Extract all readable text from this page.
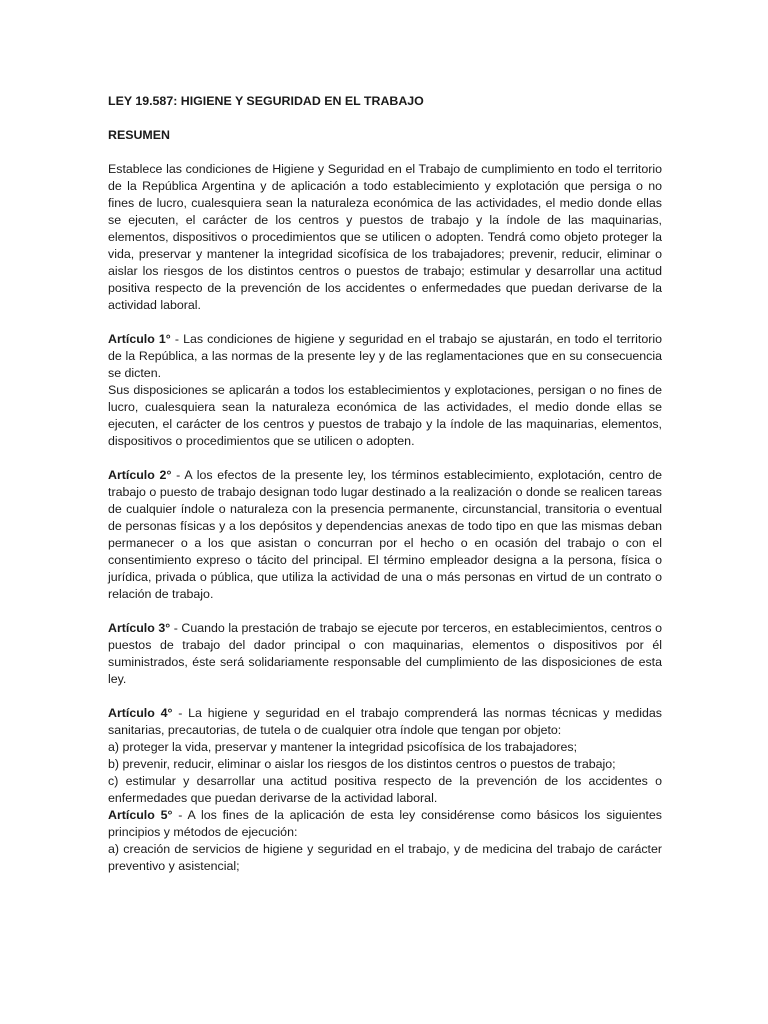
LEY 19.587: HIGIENE Y SEGURIDAD EN EL TRABAJO

RESUMEN

Establece las condiciones de Higiene y Seguridad en el Trabajo de cumplimiento en todo el territorio de la República Argentina y de aplicación a todo establecimiento y explotación que persiga o no fines de lucro, cualesquiera sean la naturaleza económica de las actividades, el medio donde ellas se ejecuten, el carácter de los centros y puestos de trabajo y la índole de las maquinarias, elementos, dispositivos o procedimientos que se utilicen o adopten. Tendrá como objeto proteger la vida, preservar y mantener la integridad sicofísica de los trabajadores; prevenir, reducir, eliminar o aislar los riesgos de los distintos centros o puestos de trabajo; estimular y desarrollar una actitud positiva respecto de la prevención de los accidentes o enfermedades que puedan derivarse de la actividad laboral.

Artículo 1° - Las condiciones de higiene y seguridad en el trabajo se ajustarán, en todo el territorio de la República, a las normas de la presente ley y de las reglamentaciones que en su consecuencia se dicten.

Sus disposiciones se aplicarán a todos los establecimientos y explotaciones, persigan o no fines de lucro, cualesquiera sean la naturaleza económica de las actividades, el medio donde ellas se ejecuten, el carácter de los centros y puestos de trabajo y la índole de las maquinarias, elementos, dispositivos o procedimientos que se utilicen o adopten.

Artículo 2° - A los efectos de la presente ley, los términos establecimiento, explotación, centro de trabajo o puesto de trabajo designan todo lugar destinado a la realización o donde se realicen tareas de cualquier índole o naturaleza con la presencia permanente, circunstancial, transitoria o eventual de personas físicas y a los depósitos y dependencias anexas de todo tipo en que las mismas deban permanecer o a los que asistan o concurran por el hecho o en ocasión del trabajo o con el consentimiento expreso o tácito del principal. El término empleador designa a la persona, física o jurídica, privada o pública, que utiliza la actividad de una o más personas en virtud de un contrato o relación de trabajo.

Artículo 3° - Cuando la prestación de trabajo se ejecute por terceros, en establecimientos, centros o puestos de trabajo del dador principal o con maquinarias, elementos o dispositivos por él suministrados, éste será solidariamente responsable del cumplimiento de las disposiciones de esta ley.

Artículo 4° - La higiene y seguridad en el trabajo comprenderá las normas técnicas y medidas sanitarias, precautorias, de tutela o de cualquier otra índole que tengan por objeto:

a) proteger la vida, preservar y mantener la integridad psicofísica de los trabajadores;

b) prevenir, reducir, eliminar o aislar los riesgos de los distintos centros o puestos de trabajo;

c) estimular y desarrollar una actitud positiva respecto de la prevención de los accidentes o enfermedades que puedan derivarse de la actividad laboral.

Artículo 5° - A los fines de la aplicación de esta ley considérense como básicos los siguientes principios y métodos de ejecución:

a) creación de servicios de higiene y seguridad en el trabajo, y de medicina del trabajo de carácter preventivo y asistencial;
